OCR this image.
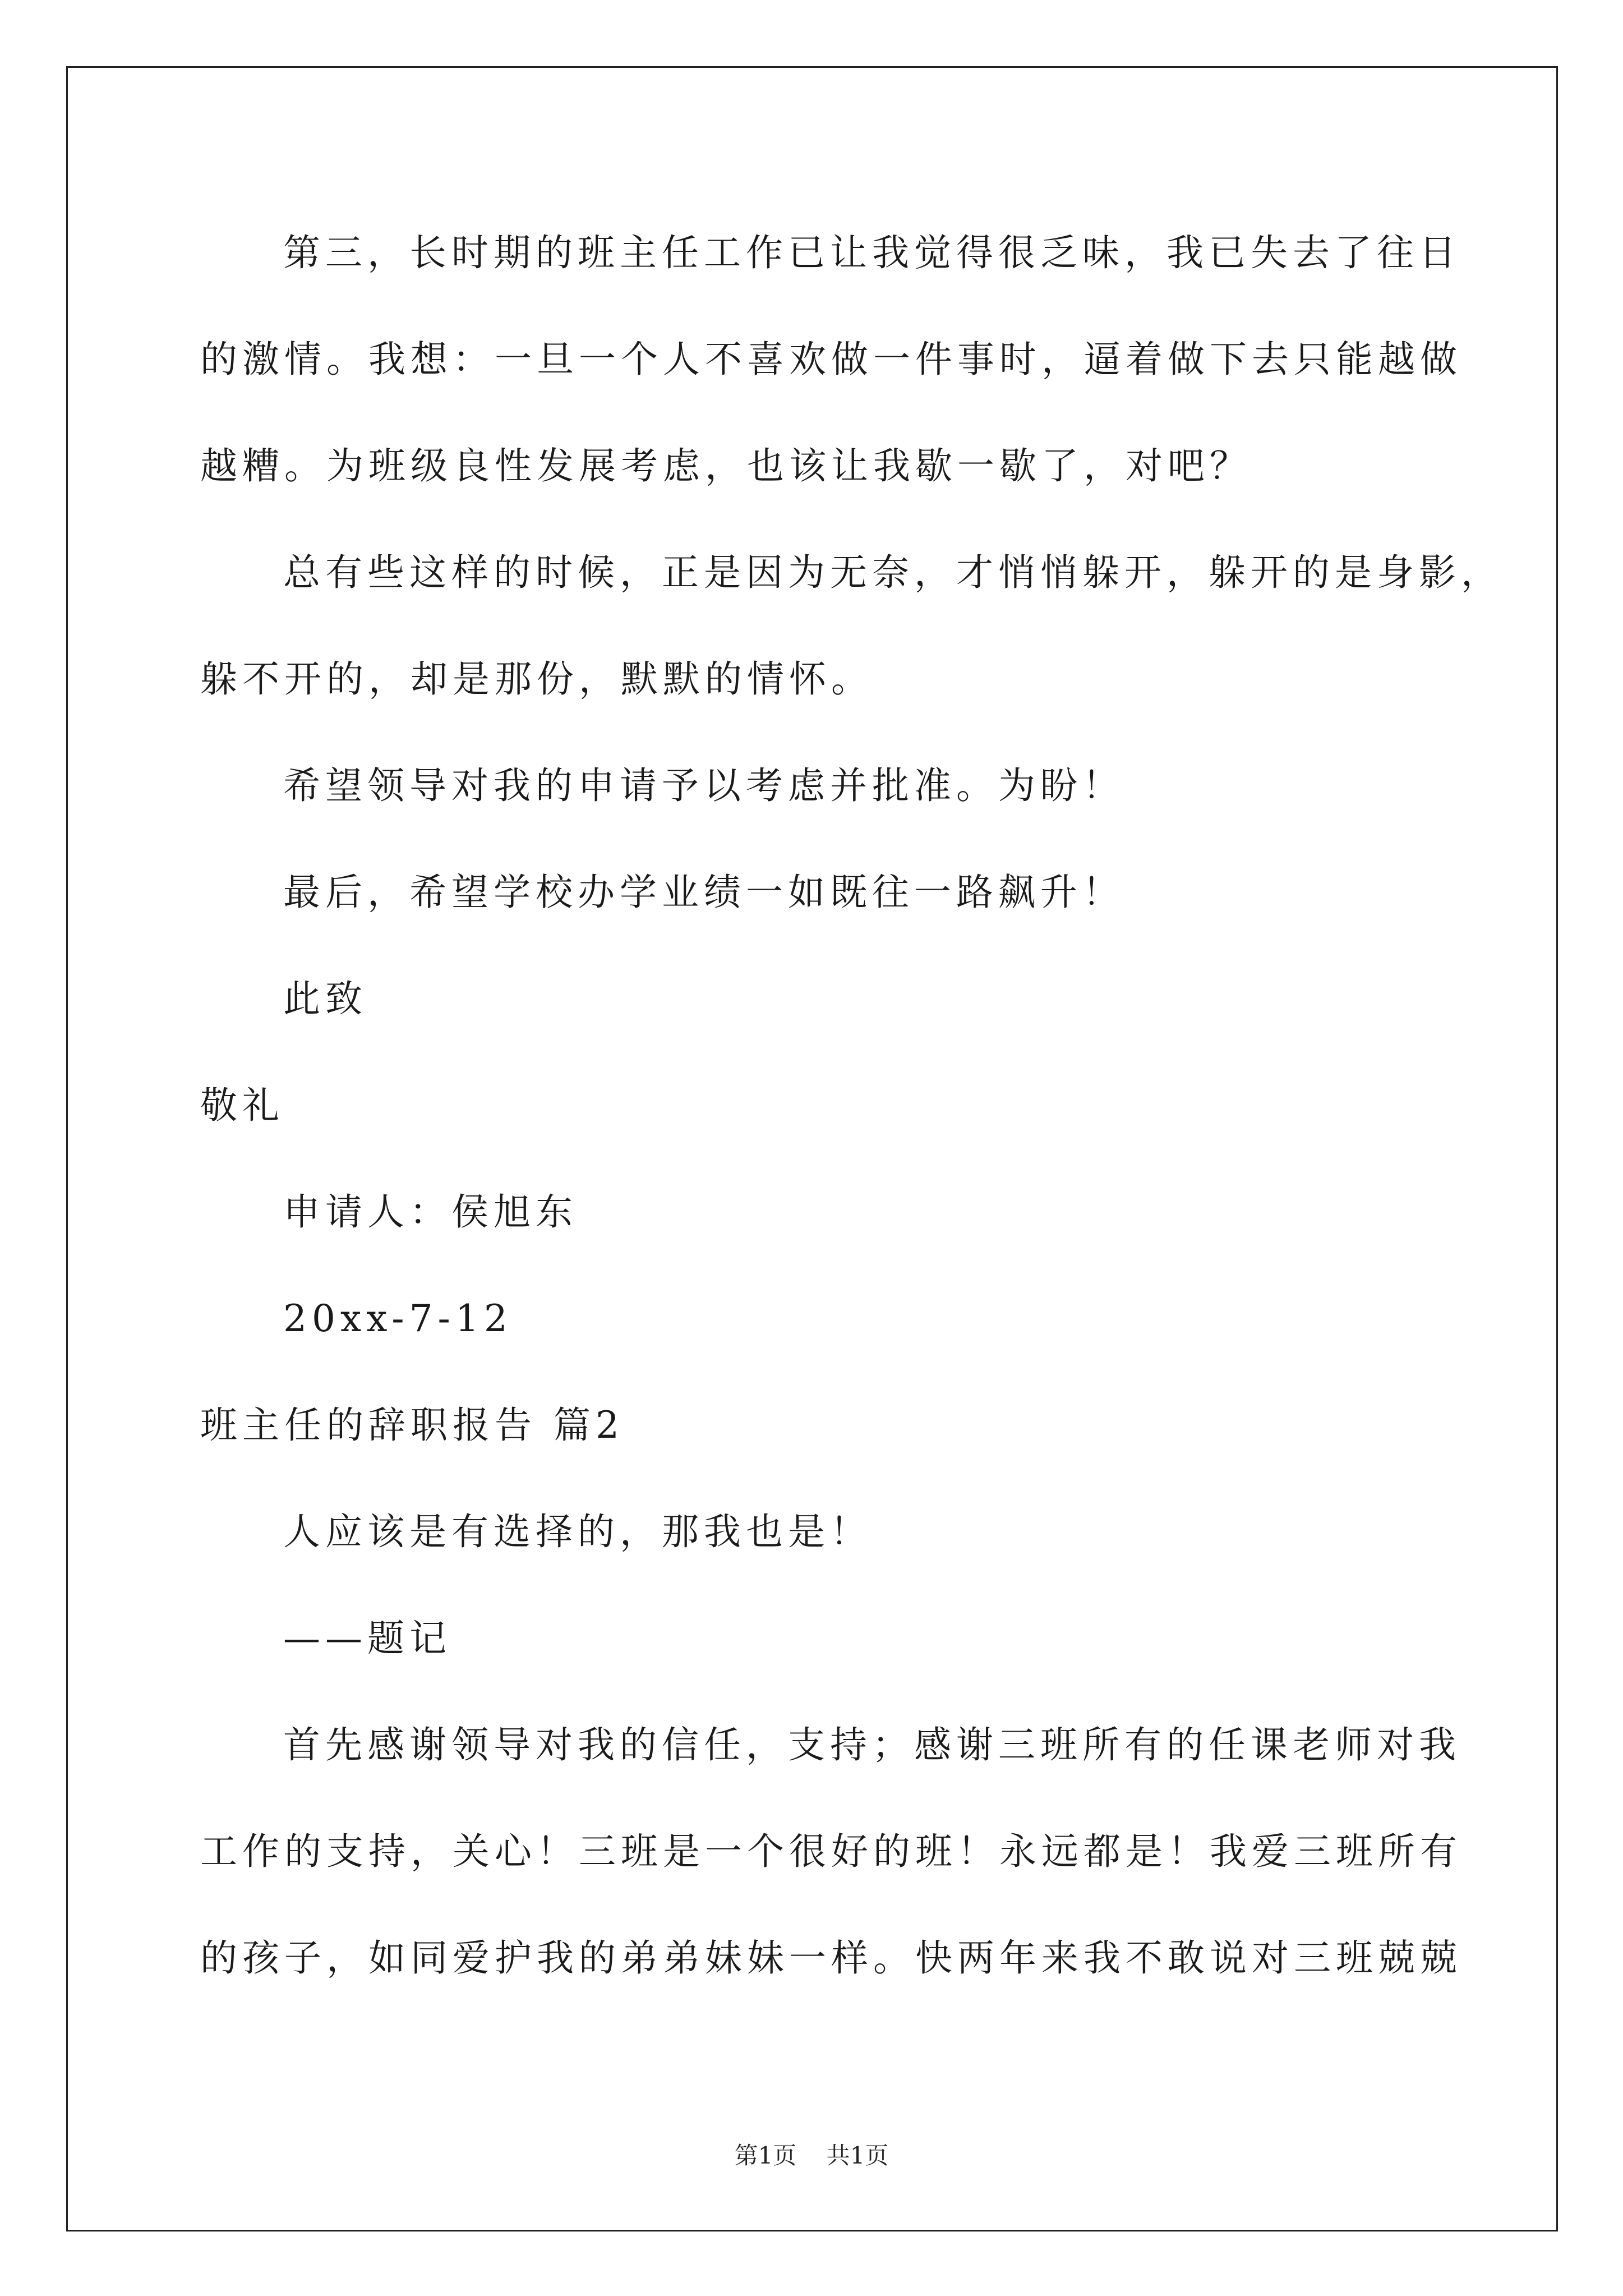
第三，长时期的班主任工作已让我觉得很乏味，我已失去了往日
的激情。我想：一旦一个人不喜欢做一件事时，逼着做下去只能越做
越糟。为班级良性发展考虑，也该让我歇一歇了，对吧？
总有些这样的时候，正是因为无奈，才悄悄躲开，躲开的是身影，
躲不开的，却是那份，默默的情怀。
希望领导对我的申请予以考虑并批准。为盼！
最后，希望学校办学业绩一如既往一路飙升！
此致
敬礼
申请人：侯旭东
20xx-7-12
班主任的辞职报告 篇2
人应该是有选择的，那我也是！
——题记
首先感谢领导对我的信任，支持；感谢三班所有的任课老师对我
工作的支持，关心！三班是一个很好的班！永远都是！我爱三班所有
的孩子，如同爱护我的弟弟妹妹一样。快两年来我不敢说对三班兢兢
第1页 共1页
